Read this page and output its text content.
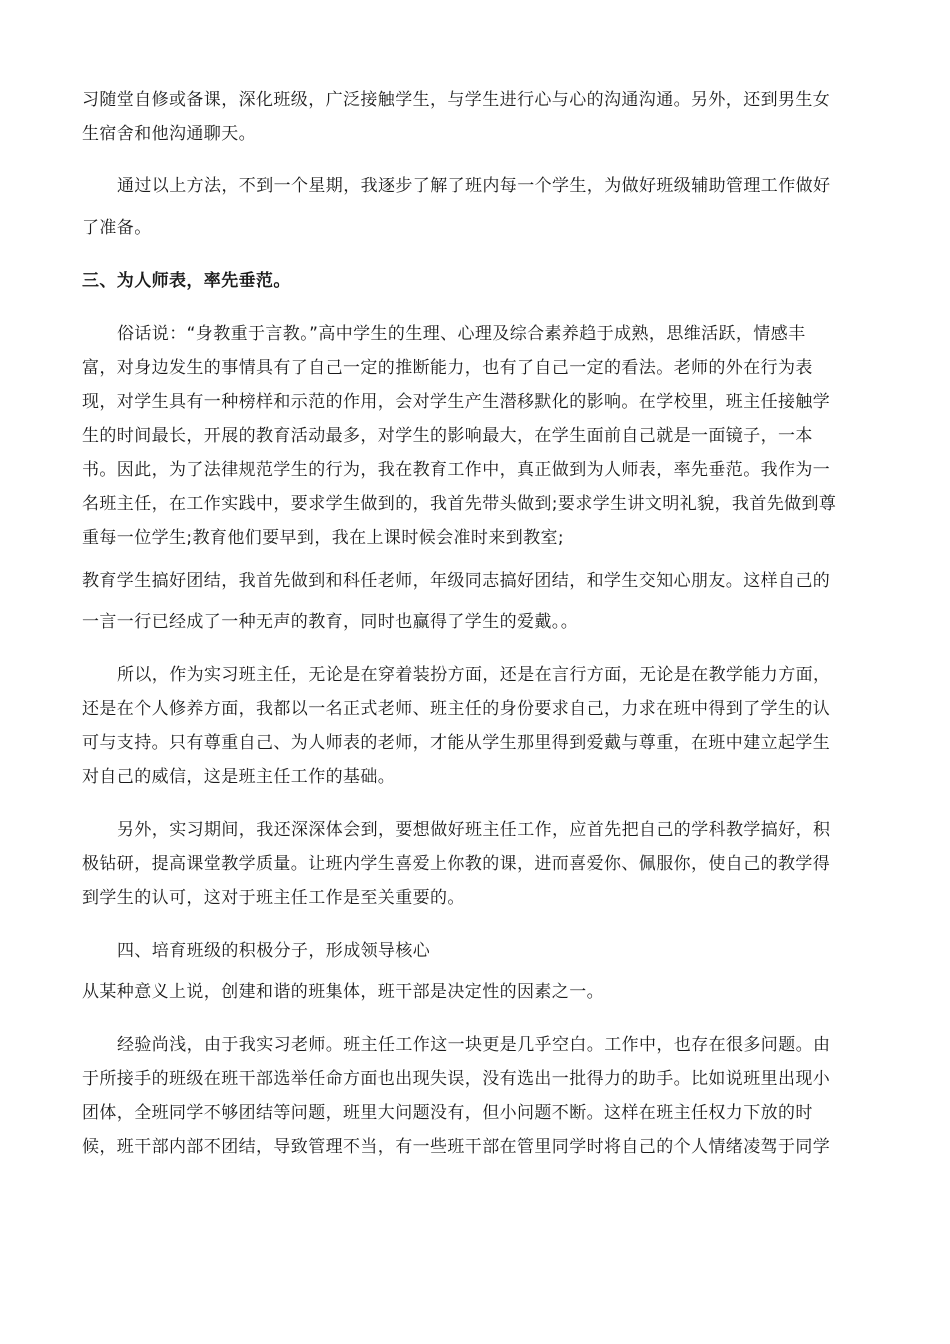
习随堂自修或备课，深化班级，广泛接触学生，与学生进行心与心的沟通沟通。另外，还到男生女
生宿舍和他沟通聊天。
通过以上方法，不到一个星期，我逐步了解了班内每一个学生，为做好班级辅助管理工作做好
了准备。
三、为人师表，率先垂范。
俗话说：“身教重于言教。”高中学生的生理、心理及综合素养趋于成熟，思维活跃，情感丰
富，对身边发生的事情具有了自己一定的推断能力，也有了自己一定的看法。老师的外在行为表
现，对学生具有一种榜样和示范的作用，会对学生产生潜移默化的影响。在学校里，班主任接触学
生的时间最长，开展的教育活动最多，对学生的影响最大，在学生面前自己就是一面镜子，一本
书。因此，为了法律规范学生的行为，我在教育工作中，真正做到为人师表，率先垂范。我作为一
名班主任，在工作实践中，要求学生做到的，我首先带头做到;要求学生讲文明礼貌，我首先做到尊
重每一位学生;教育他们要早到，我在上课时候会准时来到教室;
教育学生搞好团结，我首先做到和科任老师，年级同志搞好团结，和学生交知心朋友。这样自己的
一言一行已经成了一种无声的教育，同时也赢得了学生的爱戴。。
所以，作为实习班主任，无论是在穿着装扮方面，还是在言行方面，无论是在教学能力方面，
还是在个人修养方面，我都以一名正式老师、班主任的身份要求自己，力求在班中得到了学生的认
可与支持。只有尊重自己、为人师表的老师，才能从学生那里得到爱戴与尊重，在班中建立起学生
对自己的威信，这是班主任工作的基础。
另外，实习期间，我还深深体会到，要想做好班主任工作，应首先把自己的学科教学搞好，积
极钻研，提高课堂教学质量。让班内学生喜爱上你教的课，进而喜爱你、佩服你，使自己的教学得
到学生的认可，这对于班主任工作是至关重要的。
四、培育班级的积极分子，形成领导核心
从某种意义上说，创建和谐的班集体，班干部是决定性的因素之一。
经验尚浅，由于我实习老师。班主任工作这一块更是几乎空白。工作中，也存在很多问题。由
于所接手的班级在班干部选举任命方面也出现失误，没有选出一批得力的助手。比如说班里出现小
团体，全班同学不够团结等问题，班里大问题没有，但小问题不断。这样在班主任权力下放的时
候，班干部内部不团结，导致管理不当，有一些班干部在管里同学时将自己的个人情绪凌驾于同学
